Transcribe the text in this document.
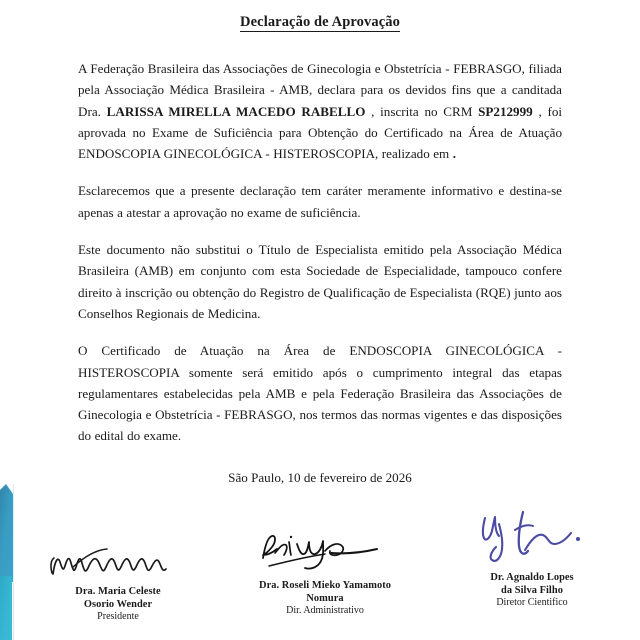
Declaração de Aprovação

A Federação Brasileira das Associações de Ginecologia e Obstetrícia - FEBRASGO, filiada pela Associação Médica Brasileira - AMB, declara para os devidos fins que a canditada Dra. LARISSA MIRELLA MACEDO RABELLO , inscrita no CRM SP212999 , foi aprovada no Exame de Suficiência para Obtenção do Certificado na Área de Atuação ENDOSCOPIA GINECOLÓGICA - HISTEROSCOPIA, realizado em .

Esclarecemos que a presente declaração tem caráter meramente informativo e destina-se apenas a atestar a aprovação no exame de suficiência.

Este documento não substitui o Título de Especialista emitido pela Associação Médica Brasileira (AMB) em conjunto com esta Sociedade de Especialidade, tampouco confere direito à inscrição ou obtenção do Registro de Qualificação de Especialista (RQE) junto aos Conselhos Regionais de Medicina.

O Certificado de Atuação na Área de ENDOSCOPIA GINECOLÓGICA - HISTEROSCOPIA somente será emitido após o cumprimento integral das etapas regulamentares estabelecidas pela AMB e pela Federação Brasileira das Associações de Ginecologia e Obstetrícia - FEBRASGO, nos termos das normas vigentes e das disposições do edital do exame.

São Paulo, 10 de fevereiro de 2026
Dra. Maria Celeste
Osorio Wender
Presidente
Dra. Roseli Mieko Yamamoto
Nomura
Dir. Administrativo
Dr. Agnaldo Lopes
da Silva Filho
Diretor Cientifico
